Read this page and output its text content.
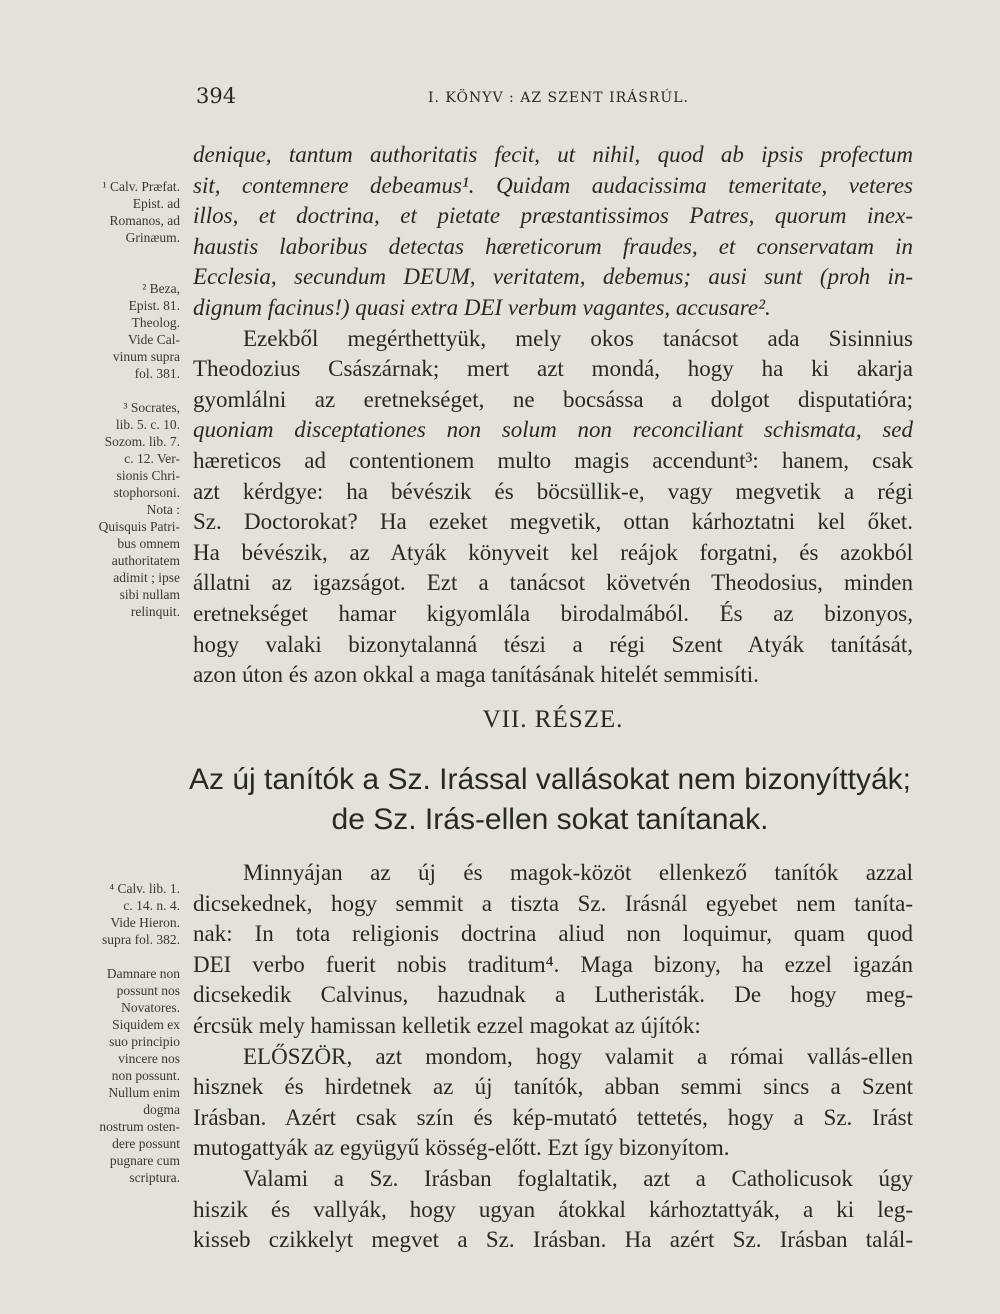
394	I. KÖNYV : AZ SZENT IRÁSRÚL.
¹ Calv. Præfat.
Epist. ad
Romanos, ad
Grinæum.

² Beza,
Epist. 81.
Theolog.
Vide Cal-
vinum supra
fol. 381.

³ Socrates,
lib. 5. c. 10.
Sozom. lib. 7.
c. 12. Ver-
sionis Chri-
stophorsoni.
Nota :
Quisquis Patri-
bus omnem
authoritatem
adimit ; ipse
sibi nullam
relinquit.
denique, tantum authoritatis fecit, ut nihil, quod ab ipsis profectum
sit, contemnere debeamus¹. Quidam audacissima temeritate, veteres
illos, et doctrina, et pietate præstantissimos Patres, quorum inex-
haustis laboribus detectas hæreticorum fraudes, et conservatam in
Ecclesia, secundum DEUM, veritatem, debemus; ausi sunt (proh in-
dignum facinus!) quasi extra DEI verbum vagantes, accusare².
Ezekből megérthettyük, mely okos tanácsot ada Sisinnius
Theodozius Császárnak; mert azt mondá, hogy ha ki akarja
gyomlálni az eretnekséget, ne bocsássa a dolgot disputatióra;
quoniam disceptationes non solum non reconciliant schismata, sed
hæreticos ad contentionem multo magis accendunt³: hanem, csak
azt kérdgye: ha bévészik és böcsüllik-e, vagy megvetik a régi
Sz. Doctorokat? Ha ezeket megvetik, ottan kárhoztatni kel őket.
Ha bévészik, az Atyák könyveit kel reájok forgatni, és azokból
állatni az igazságot. Ezt a tanácsot követvén Theodosius, minden
eretnekséget hamar kigyomlála birodalmából. És az bizonyos,
hogy valaki bizonytalanná tészi a régi Szent Atyák tanítását,
azon úton és azon okkal a maga tanításának hitelét semmisíti.
VII. RÉSZE.
Az új tanítók a Sz. Irással vallásokat nem bizonyíttyák;
de Sz. Irás-ellen sokat tanítanak.
⁴ Calv. lib. 1.
c. 14. n. 4.
Vide Hieron.
supra fol. 382.

Damnare non
possunt nos
Novatores.
Siquidem ex
suo principio
vincere nos
non possunt.
Nullum enim
dogma
nostrum osten-
dere possunt
pugnare cum
scriptura.
Minnyájan az új és magok-közöt ellenkező tanítók azzal
dicsekednek, hogy semmit a tiszta Sz. Irásnál egyebet nem taníta-
nak: In tota religionis doctrina aliud non loquimur, quam quod
DEI verbo fuerit nobis traditum⁴. Maga bizony, ha ezzel igazán
dicsekedik Calvinus, hazudnak a Lutheristák. De hogy meg-
ércsük mely hamissan kelletik ezzel magokat az újítók:
ELŐSZÖR, azt mondom, hogy valamit a római vallás-ellen
hisznek és hirdetnek az új tanítók, abban semmi sincs a Szent
Irásban. Azért csak szín és kép-mutató tettetés, hogy a Sz. Irást
mutogattyák az együgyű kösség-előtt. Ezt így bizonyítom.
Valami a Sz. Irásban foglaltatik, azt a Catholicusok úgy
hiszik és vallyák, hogy ugyan átokkal kárhoztattyák, a ki leg-
kisseb czikkelyt megvet a Sz. Irásban. Ha azért Sz. Irásban talál-
